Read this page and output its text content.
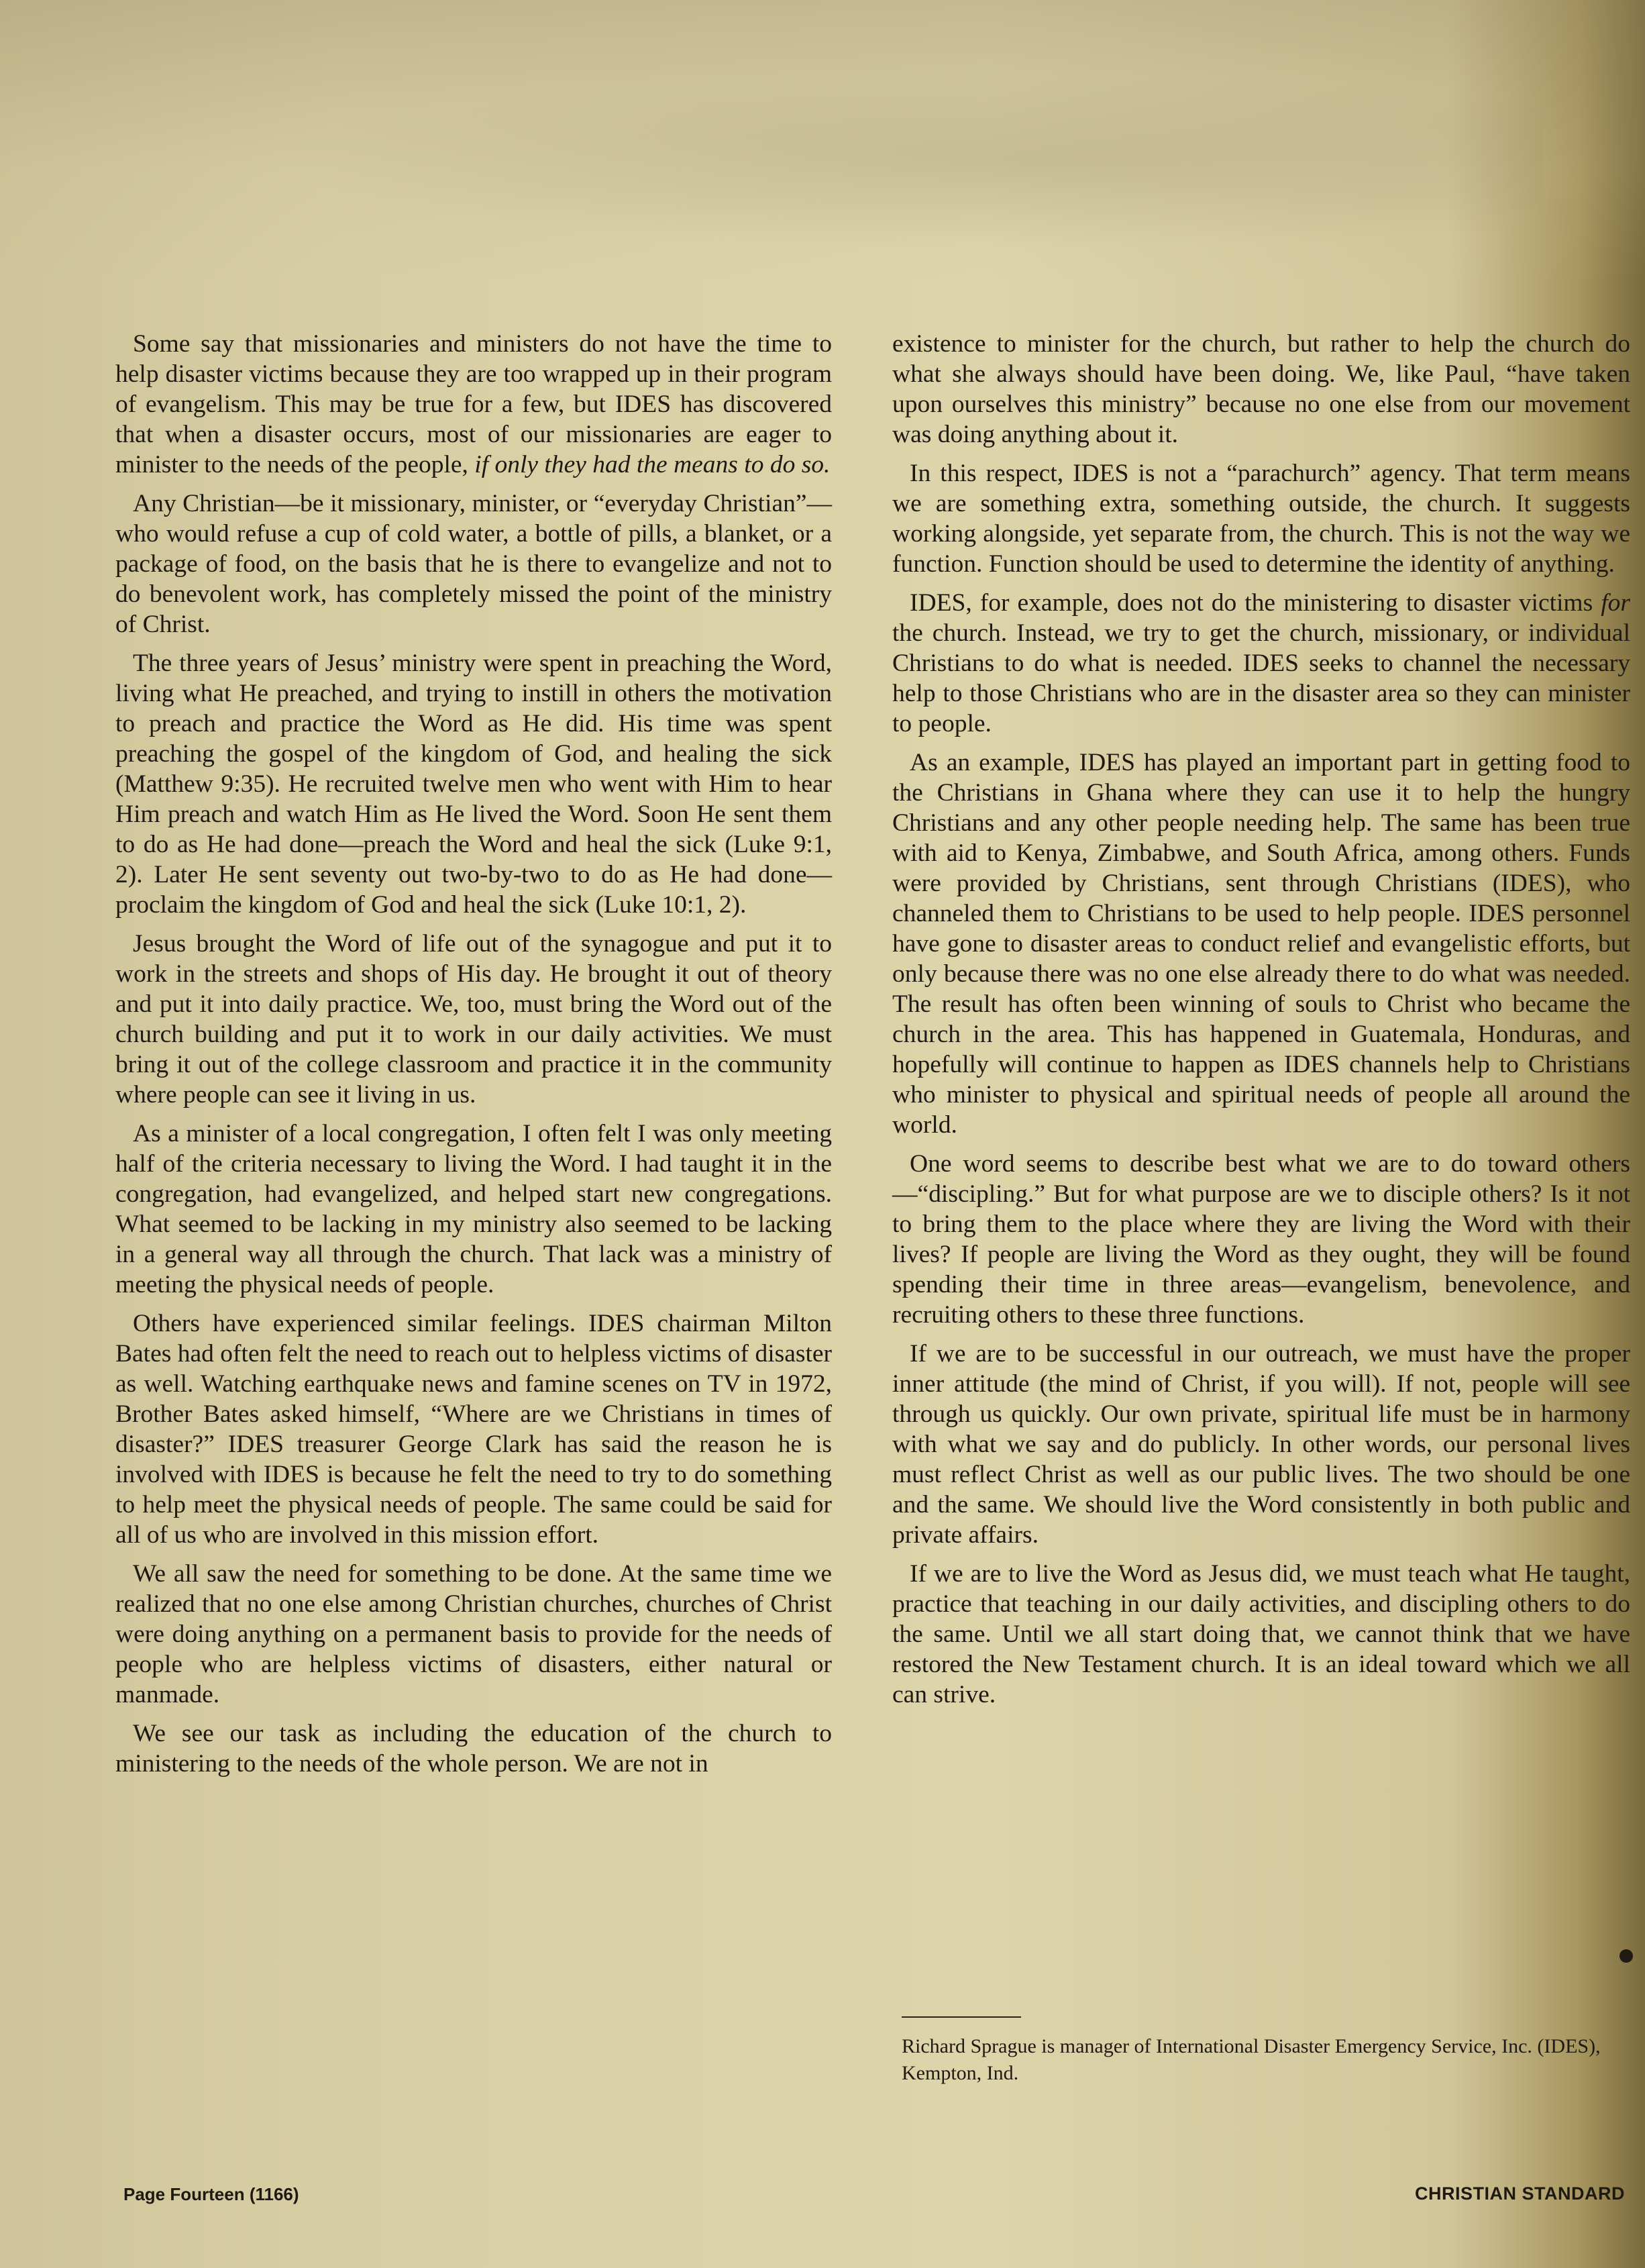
Some say that missionaries and ministers do not have the time to help disaster victims because they are too wrapped up in their program of evangelism. This may be true for a few, but IDES has discovered that when a disaster occurs, most of our missionaries are eager to minister to the needs of the people, if only they had the means to do so.

Any Christian—be it missionary, minister, or “everyday Christian”—who would refuse a cup of cold water, a bottle of pills, a blanket, or a package of food, on the basis that he is there to evangelize and not to do benevolent work, has completely missed the point of the ministry of Christ.

The three years of Jesus’ ministry were spent in preaching the Word, living what He preached, and trying to instill in others the motivation to preach and practice the Word as He did. His time was spent preaching the gospel of the kingdom of God, and healing the sick (Matthew 9:35). He recruited twelve men who went with Him to hear Him preach and watch Him as He lived the Word. Soon He sent them to do as He had done—preach the Word and heal the sick (Luke 9:1, 2). Later He sent seventy out two-by-two to do as He had done—proclaim the kingdom of God and heal the sick (Luke 10:1, 2).

Jesus brought the Word of life out of the synagogue and put it to work in the streets and shops of His day. He brought it out of theory and put it into daily practice. We, too, must bring the Word out of the church building and put it to work in our daily activities. We must bring it out of the college classroom and practice it in the community where people can see it living in us.

As a minister of a local congregation, I often felt I was only meeting half of the criteria necessary to living the Word. I had taught it in the congregation, had evangelized, and helped start new congregations. What seemed to be lacking in my ministry also seemed to be lacking in a general way all through the church. That lack was a ministry of meeting the physical needs of people.

Others have experienced similar feelings. IDES chairman Milton Bates had often felt the need to reach out to helpless victims of disaster as well. Watching earthquake news and famine scenes on TV in 1972, Brother Bates asked himself, “Where are we Christians in times of disaster?” IDES treasurer George Clark has said the reason he is involved with IDES is because he felt the need to try to do something to help meet the physical needs of people. The same could be said for all of us who are involved in this mission effort.

We all saw the need for something to be done. At the same time we realized that no one else among Christian churches, churches of Christ were doing anything on a permanent basis to provide for the needs of people who are helpless victims of disasters, either natural or manmade.

We see our task as including the education of the church to ministering to the needs of the whole person. We are not in

existence to minister for the church, but rather to help the church do what she always should have been doing. We, like Paul, “have taken upon ourselves this ministry” because no one else from our movement was doing anything about it.

In this respect, IDES is not a “parachurch” agency. That term means we are something extra, something outside, the church. It suggests working alongside, yet separate from, the church. This is not the way we function. Function should be used to determine the identity of anything.

IDES, for example, does not do the ministering to disaster victims for the church. Instead, we try to get the church, missionary, or individual Christians to do what is needed. IDES seeks to channel the necessary help to those Christians who are in the disaster area so they can minister to people.

As an example, IDES has played an important part in getting food to the Christians in Ghana where they can use it to help the hungry Christians and any other people needing help. The same has been true with aid to Kenya, Zimbabwe, and South Africa, among others. Funds were provided by Christians, sent through Christians (IDES), who channeled them to Christians to be used to help people. IDES personnel have gone to disaster areas to conduct relief and evangelistic efforts, but only because there was no one else already there to do what was needed. The result has often been winning of souls to Christ who became the church in the area. This has happened in Guatemala, Honduras, and hopefully will continue to happen as IDES channels help to Christians who minister to physical and spiritual needs of people all around the world.

One word seems to describe best what we are to do toward others—“discipling.” But for what purpose are we to disciple others? Is it not to bring them to the place where they are living the Word with their lives? If people are living the Word as they ought, they will be found spending their time in three areas—evangelism, benevolence, and recruiting others to these three functions.

If we are to be successful in our outreach, we must have the proper inner attitude (the mind of Christ, if you will). If not, people will see through us quickly. Our own private, spiritual life must be in harmony with what we say and do publicly. In other words, our personal lives must reflect Christ as well as our public lives. The two should be one and the same. We should live the Word consistently in both public and private affairs.

If we are to live the Word as Jesus did, we must teach what He taught, practice that teaching in our daily activities, and discipling others to do the same. Until we all start doing that, we cannot think that we have restored the New Testament church. It is an ideal toward which we all can strive.

Richard Sprague is manager of International Disaster Emergency Service, Inc. (IDES), Kempton, Ind.

Page Fourteen (1166)	CHRISTIAN STANDARD
